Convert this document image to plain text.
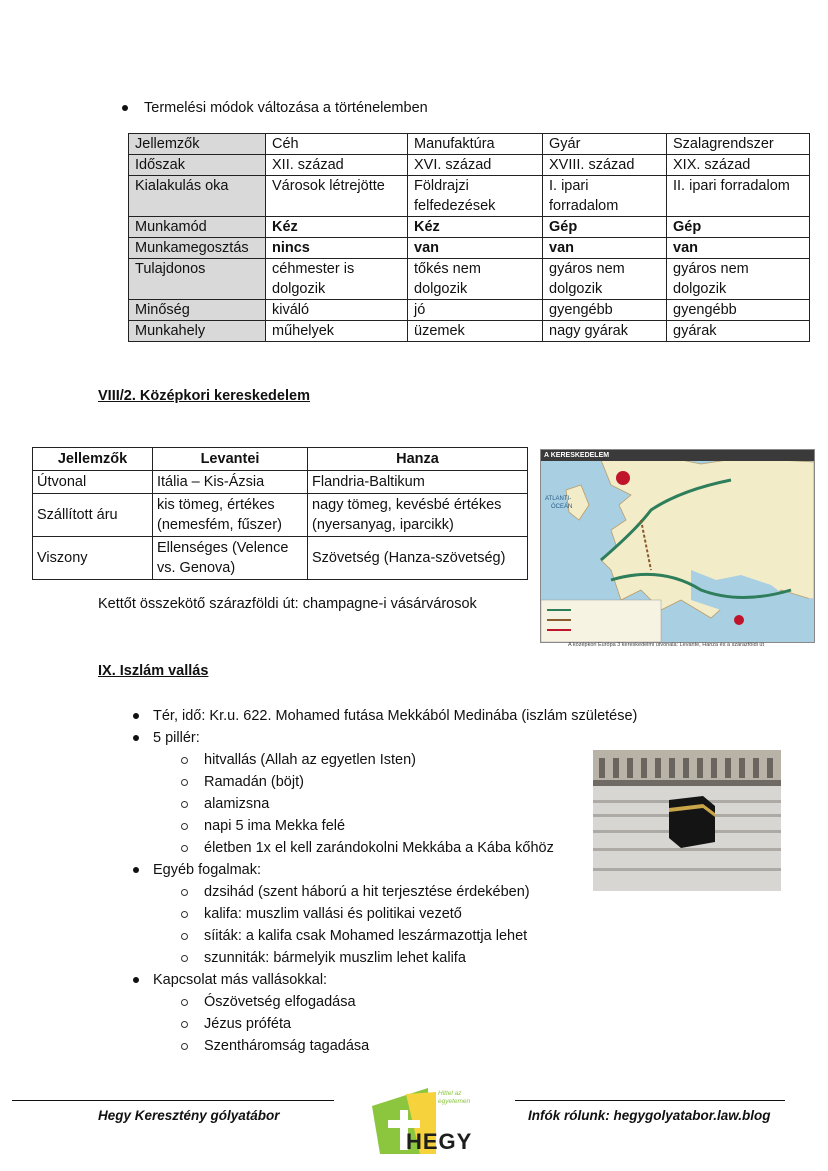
Termelési módok változása a történelemben
Jellemzők	Céh	Manufaktúra	Gyár	Szalagrendszer
Időszak	XII. század	XVI. század	XVIII. század	XIX. század
Kialakulás oka	Városok létrejötte	Földrajzi felfedezések	I. ipari forradalom	II. ipari forradalom
Munkamód	Kéz	Kéz	Gép	Gép
Munkamegosztás	nincs	van	van	van
Tulajdonos	céhmester is dolgozik	tőkés nem dolgozik	gyáros nem dolgozik	gyáros nem dolgozik
Minőség	kiváló	jó	gyengébb	gyengébb
Munkahely	műhelyek	üzemek	nagy gyárak	gyárak
VIII/2. Középkori kereskedelem
Jellemzők	Levantei	Hanza
Útvonal	Itália – Kis-Ázsia	Flandria-Baltikum
Szállított áru	kis tömeg, értékes (nemesfém, fűszer)	nagy tömeg, kevésbé értékes (nyersanyag, iparcikk)
Viszony	Ellenséges (Velence vs. Genova)	Szövetség (Hanza-szövetség)
Kettőt összekötő szárazföldi út: champagne-i vásárvárosok
A KERESKEDELEM
ATLANTI-
ÓCEÁN
A középkori Európa 3 kereskedelmi útvonala: Levante, Hanza és a szárazföldi út
IX. Iszlám vallás
Tér, idő: Kr.u. 622. Mohamed futása Mekkából Medinába (iszlám születése)
5 pillér:
hitvallás (Allah az egyetlen Isten)
Ramadán (böjt)
alamizsna
napi 5 ima Mekka felé
életben 1x el kell zarándokolni Mekkába a Kába kőhöz
Egyéb fogalmak:
dzsihád (szent háború a hit terjesztése érdekében)
kalifa: muszlim vallási és politikai vezető
síiták: a kalifa csak Mohamed leszármazottja lehet
szunniták: bármelyik muszlim lehet kalifa
Kapcsolat más vallásokkal:
Ószövetség elfogadása
Jézus próféta
Szentháromság tagadása
Hegy Keresztény gólyatábor	Infók rólunk: hegygolyatabor.law.blog
HEGY
Hittel az egyetemen
